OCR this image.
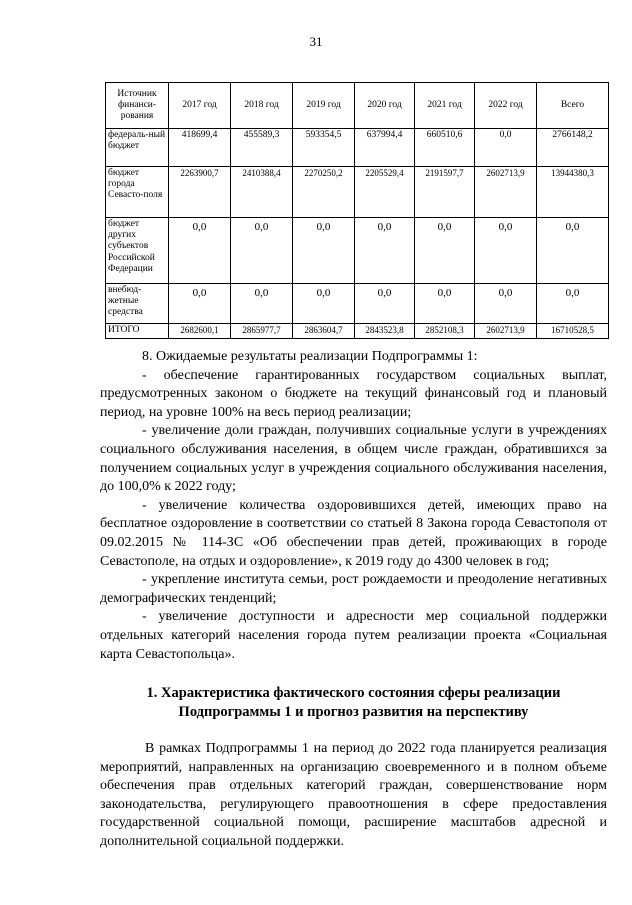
31
Источник финанси-рования	2017 год	2018 год	2019 год	2020 год	2021 год	2022 год	Всего
федераль-ный бюджет	418699,4	455589,3	593354,5	637994,4	660510,6	0,0	2766148,2
бюджет города Севасто-поля	2263900,7	2410388,4	2270250,2	2205529,4	2191597,7	2602713,9	13944380,3
бюджет других субъектов Российской Федерации	0,0	0,0	0,0	0,0	0,0	0,0	0,0
внебюд-жетные средства	0,0	0,0	0,0	0,0	0,0	0,0	0,0
ИТОГО	2682600,1	2865977,7	2863604,7	2843523,8	2852108,3	2602713,9	16710528,5

8. Ожидаемые результаты реализации Подпрограммы 1:

- обеспечение гарантированных государством социальных выплат, предусмотренных законом о бюджете на текущий финансовый год и плановый период, на уровне 100% на весь период реализации;

- увеличение доли граждан, получивших социальные услуги в учреждениях социального обслуживания населения, в общем числе граждан, обратившихся за получением социальных услуг в учреждения социального обслуживания населения, до 100,0% к 2022 году;

- увеличение количества оздоровившихся детей, имеющих право на бесплатное оздоровление в соответствии со статьей 8 Закона города Севастополя от 09.02.2015 № 114-ЗС «Об обеспечении прав детей, проживающих в городе Севастополе, на отдых и оздоровление», к 2019 году до 4300 человек в год;

- укрепление института семьи, рост рождаемости и преодоление негативных демографических тенденций;

- увеличение доступности и адресности мер социальной поддержки отдельных категорий населения города путем реализации проекта «Социальная карта Севастопольца».

1. Характеристика фактического состояния сферы реализации
Подпрограммы 1 и прогноз развития на перспективу

В рамках Подпрограммы 1 на период до 2022 года планируется реализация мероприятий, направленных на организацию своевременного и в полном объеме обеспечения прав отдельных категорий граждан, совершенствование норм законодательства, регулирующего правоотношения в сфере предоставления государственной социальной помощи, расширение масштабов адресной и дополнительной социальной поддержки.
